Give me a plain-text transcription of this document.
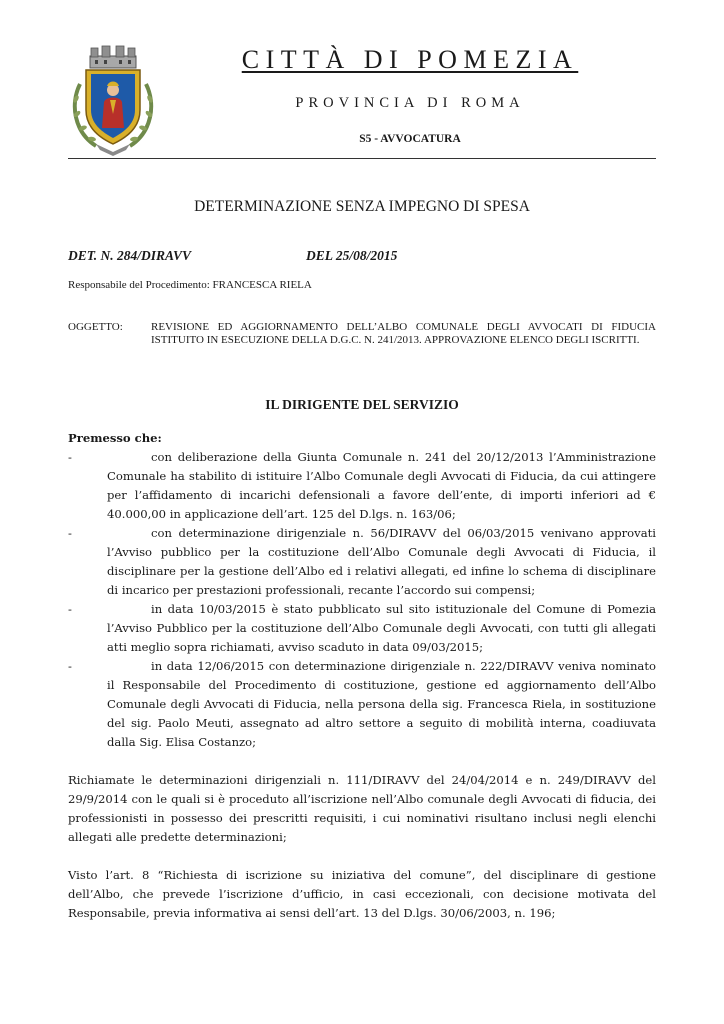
CITTÀ DI POMEZIA
PROVINCIA DI ROMA
S5 - AVVOCATURA
DETERMINAZIONE SENZA IMPEGNO DI SPESA
DET. N. 284/DIRAVV	DEL 25/08/2015
Responsabile del Procedimento: FRANCESCA RIELA
OGGETTO:	REVISIONE ED AGGIORNAMENTO DELL’ALBO COMUNALE DEGLI AVVOCATI DI FIDUCIA ISTITUITO IN ESECUZIONE DELLA D.G.C. N. 241/2013. APPROVAZIONE ELENCO DEGLI ISCRITTI.
IL DIRIGENTE DEL SERVIZIO
Premesso che:
-	con deliberazione della Giunta Comunale n. 241 del 20/12/2013 l’Amministrazione Comunale ha stabilito di istituire l’Albo Comunale degli Avvocati di Fiducia, da cui attingere per l’affidamento di incarichi defensionali a favore dell’ente, di importi inferiori ad € 40.000,00 in applicazione dell’art. 125 del D.lgs. n. 163/06;
-	con determinazione dirigenziale n. 56/DIRAVV del 06/03/2015 venivano approvati l’Avviso pubblico per la costituzione dell’Albo Comunale degli Avvocati di Fiducia, il disciplinare per la gestione dell’Albo ed i relativi allegati, ed infine lo schema di disciplinare di incarico per prestazioni professionali, recante l’accordo sui compensi;
-	in data 10/03/2015 è stato pubblicato sul sito istituzionale del Comune di Pomezia l’Avviso Pubblico per la costituzione dell’Albo Comunale degli Avvocati, con tutti gli allegati atti meglio sopra richiamati, avviso scaduto in data 09/03/2015;
-	in data 12/06/2015 con determinazione dirigenziale n. 222/DIRAVV veniva nominato il Responsabile del Procedimento di costituzione, gestione ed aggiornamento dell’Albo Comunale degli Avvocati di Fiducia, nella persona della sig. Francesca Riela, in sostituzione del sig. Paolo Meuti, assegnato ad altro settore a seguito di mobilità interna, coadiuvata dalla Sig. Elisa Costanzo;
Richiamate le determinazioni dirigenziali n. 111/DIRAVV del 24/04/2014 e n. 249/DIRAVV del 29/9/2014 con le quali si è proceduto all’iscrizione nell’Albo comunale degli Avvocati di fiducia, dei professionisti in possesso dei prescritti requisiti, i cui nominativi risultano inclusi negli elenchi allegati alle predette determinazioni;
Visto l’art. 8 “Richiesta di iscrizione su iniziativa del comune”, del disciplinare di gestione dell’Albo, che prevede l’iscrizione d’ufficio, in casi eccezionali, con decisione motivata del Responsabile, previa informativa ai sensi dell’art. 13 del D.lgs. 30/06/2003, n. 196;
